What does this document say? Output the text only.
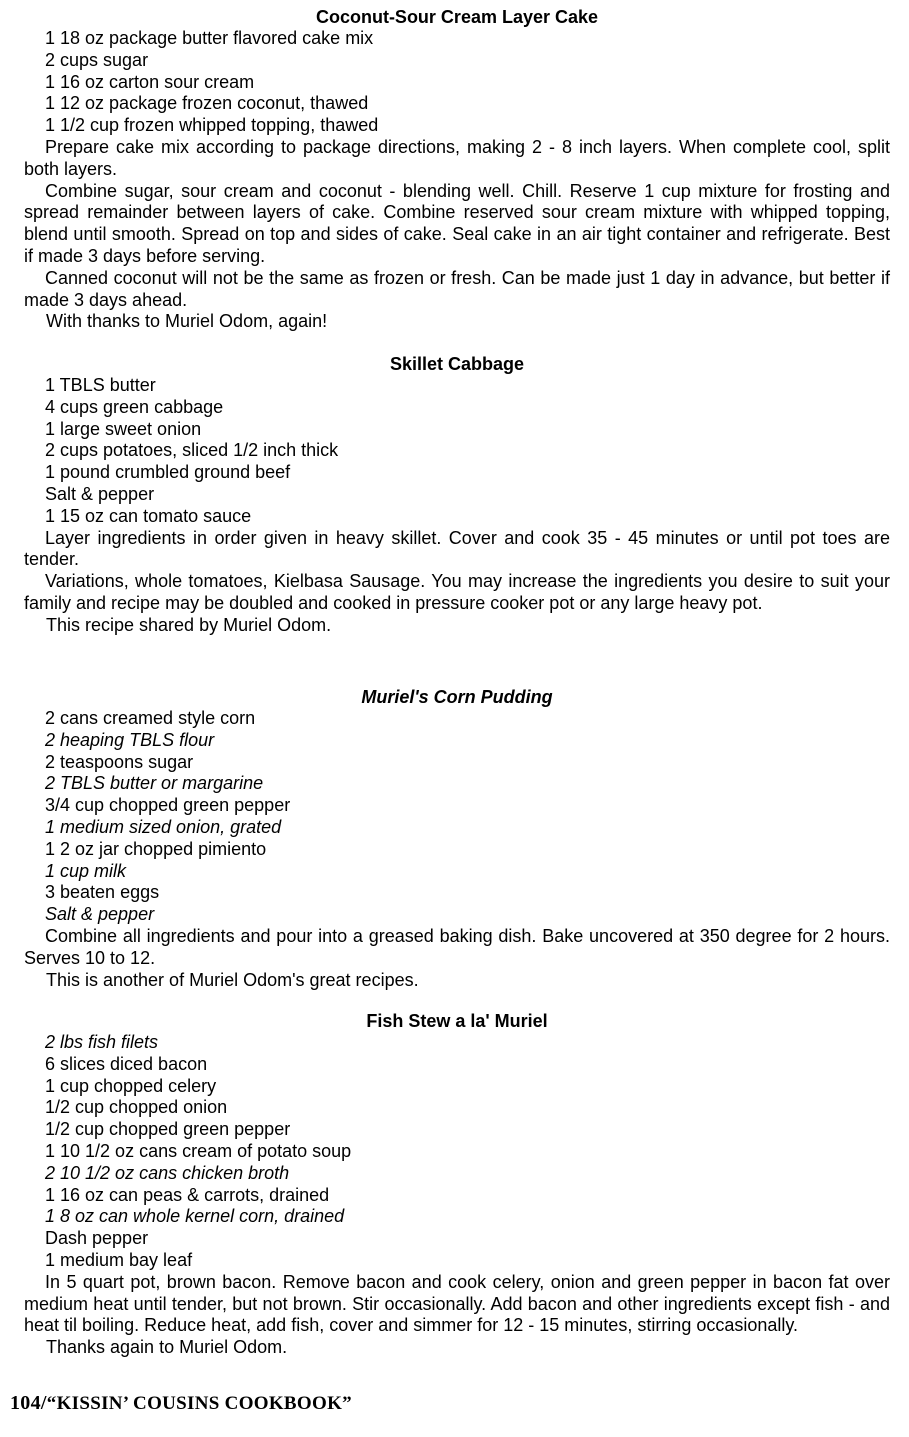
Coconut-Sour Cream Layer Cake
1 18 oz package butter flavored cake mix
2 cups sugar
1 16 oz carton sour cream
1 12 oz package frozen coconut, thawed
1 1/2 cup frozen whipped topping, thawed

Prepare cake mix according to package directions, making 2 - 8 inch layers. When complete cool, split both layers.

Combine sugar, sour cream and coconut - blending well. Chill. Reserve 1 cup mixture for frosting and spread remainder between layers of cake. Combine reserved sour cream mixture with whipped topping, blend until smooth. Spread on top and sides of cake. Seal cake in an air tight container and refrigerate. Best if made 3 days before serving.

Canned coconut will not be the same as frozen or fresh. Can be made just 1 day in advance, but better if made 3 days ahead.

With thanks to Muriel Odom, again!

Skillet Cabbage
1 TBLS butter
4 cups green cabbage
1 large sweet onion
2 cups potatoes, sliced 1/2 inch thick
1 pound crumbled ground beef
Salt & pepper
1 15 oz can tomato sauce

Layer ingredients in order given in heavy skillet. Cover and cook 35 - 45 minutes or until pot toes are tender.

Variations, whole tomatoes, Kielbasa Sausage. You may increase the ingredients you desire to suit your family and recipe may be doubled and cooked in pressure cooker pot or any large heavy pot.

This recipe shared by Muriel Odom.

Muriel's Corn Pudding
2 cans creamed style corn
2 heaping TBLS flour
2 teaspoons sugar
2 TBLS butter or margarine
3/4 cup chopped green pepper
1 medium sized onion, grated
1 2 oz jar chopped pimiento
1 cup milk
3 beaten eggs
Salt & pepper

Combine all ingredients and pour into a greased baking dish. Bake uncovered at 350 degree for 2 hours. Serves 10 to 12.

This is another of Muriel Odom's great recipes.

Fish Stew a la' Muriel
2 lbs fish filets
6 slices diced bacon
1 cup chopped celery
1/2 cup chopped onion
1/2 cup chopped green pepper
1 10 1/2 oz cans cream of potato soup
2 10 1/2 oz cans chicken broth
1 16 oz can peas & carrots, drained
1 8 oz can whole kernel corn, drained
Dash pepper
1 medium bay leaf

In 5 quart pot, brown bacon. Remove bacon and cook celery, onion and green pepper in bacon fat over medium heat until tender, but not brown. Stir occasionally. Add bacon and other ingredients except fish - and heat til boiling. Reduce heat, add fish, cover and simmer for 12 - 15 minutes, stirring occasionally.

Thanks again to Muriel Odom.

104/“KISSIN’ COUSINS COOKBOOK”
